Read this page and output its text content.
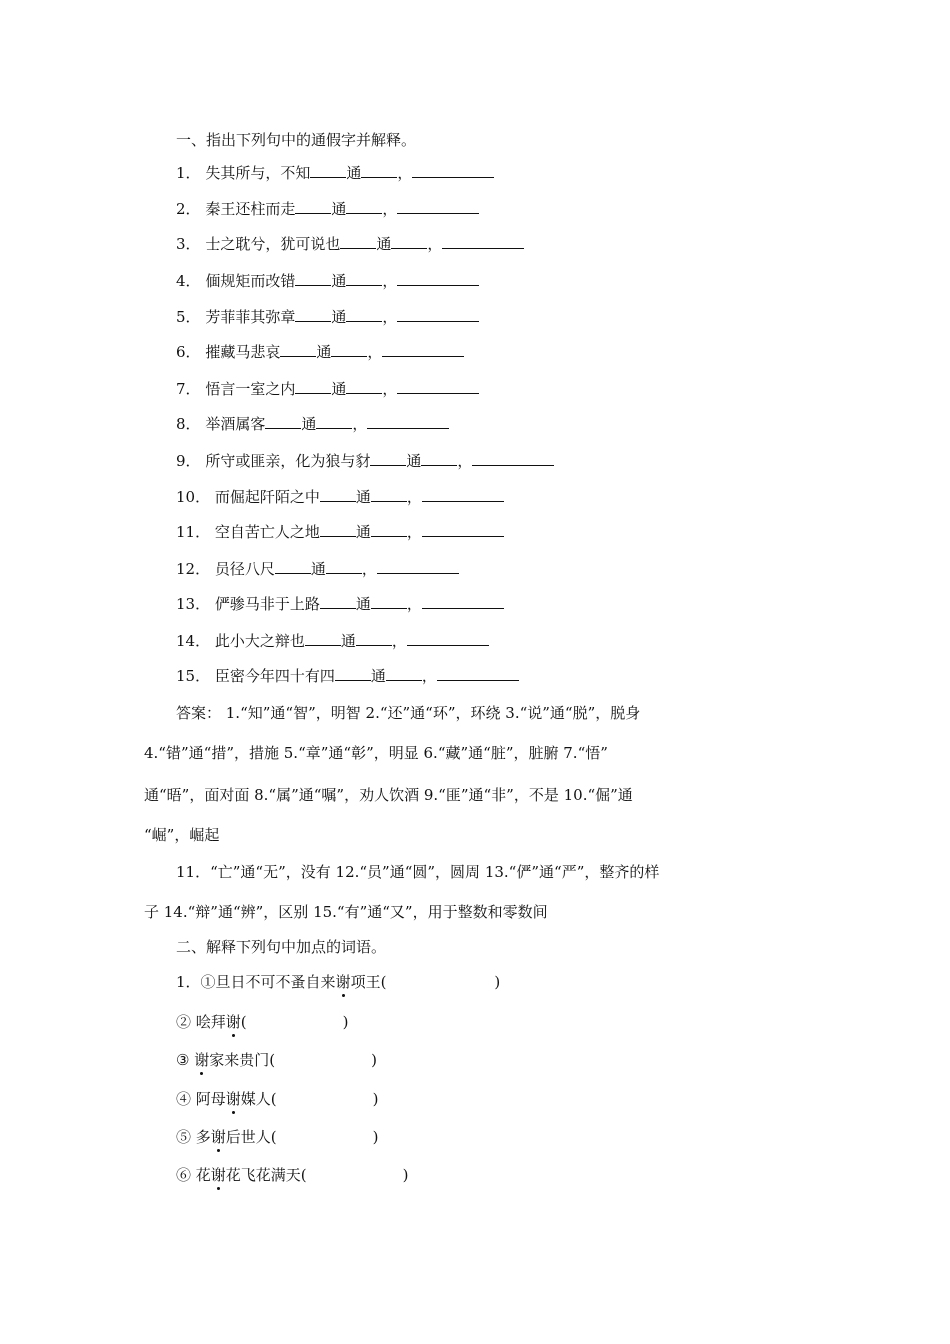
一、指出下列句中的通假字并解释。
1． 失其所与，不知 通 ，
2． 秦王还柱而走 通 ，
3． 士之耽兮，犹可说也 通 ，
4． 偭规矩而改错 通 ，
5． 芳菲菲其弥章 通 ，
6． 摧藏马悲哀 通 ，
7． 悟言一室之内 通 ，
8． 举酒属客 通 ，
9． 所守或匪亲，化为狼与豺 通 ，
10． 而倔起阡陌之中 通 ，
11． 空自苦亡人之地 通 ，
12． 员径八尺 通 ，
13． 俨骖马非于上路 通 ，
14． 此小大之辩也 通 ，
15． 臣密今年四十有四 通 ，
答案： 1.“知”通“智”，明智 2.“还”通“环”，环绕 3.“说”通“脱”，脱身
4.“错”通“措”，措施 5.“章”通“彰”，明显 6.“藏”通“脏”，脏腑 7.“悟”
通“晤”，面对面 8.“属”通“嘱”，劝人饮酒 9.“匪”通“非”，不是 10.“倔”通
“崛”，崛起
11．“亡”通“无”，没有 12.“员”通“圆”，圆周 13.“俨”通“严”，整齐的样
子 14.“辩”通“辨”，区别 15.“有”通“又”，用于整数和零数间
二、解释下列句中加点的词语。
1．①旦日不可不蚤自来谢项王(	)
② 哙拜谢(	)
③ 谢家来贵门(	)
④ 阿母谢媒人(	)
⑤ 多谢后世人(	)
⑥ 花谢花飞花满天(	)
